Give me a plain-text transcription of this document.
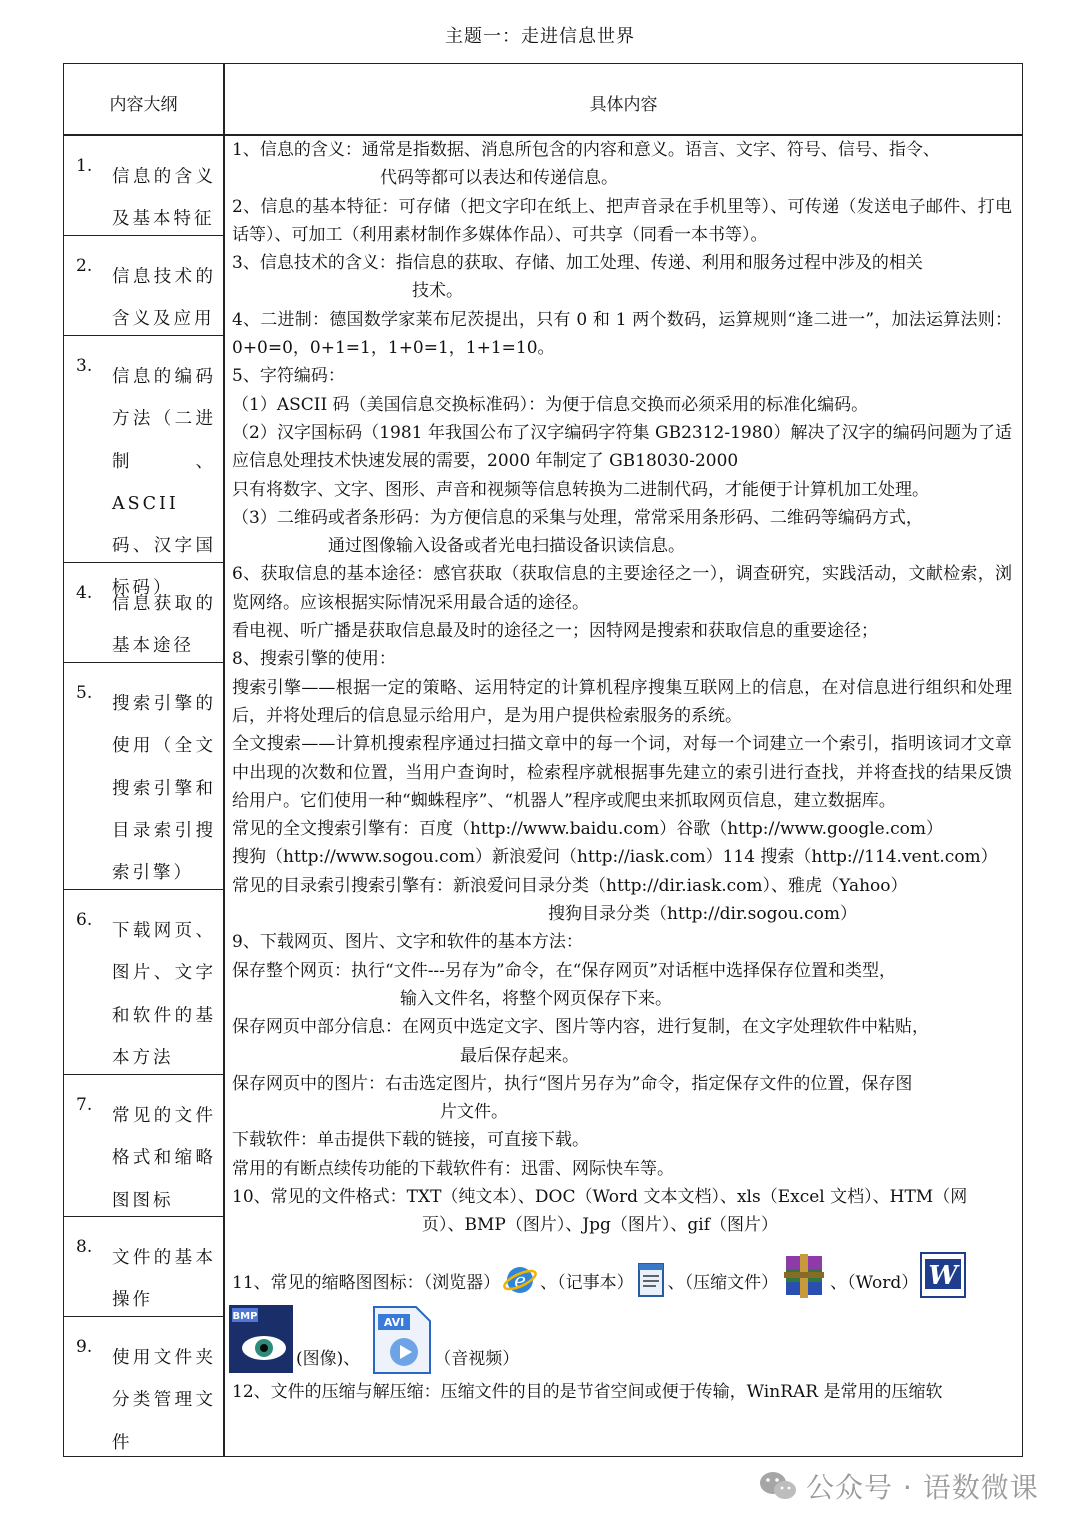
主题一：走进信息世界
内容大纲	具体内容
1.
信息的含义及基本特征
2.
信息技术的含义及应用
3.
信息的编码方法（二进制 、ASCII码、汉字国标码）
4.
信息获取的基本途径
5.
搜索引擎的使用（全文搜索引擎和目录索引搜索引擎）
6.
下载网页、图片、文字和软件的基本方法
7.
常见的文件格式和缩略图图标
8.
文件的基本操作
9.
使用文件夹分类管理文件

1、信息的含义：通常是指数据、消息所包含的内容和意义。语言、文字、符号、信号、指令、

代码等都可以表达和传递信息。

2、信息的基本特征：可存储（把文字印在纸上、把声音录在手机里等）、可传递（发送电子邮件、打电话等）、可加工（利用素材制作多媒体作品）、可共享（同看一本书等）。

3、信息技术的含义：指信息的获取、存储、加工处理、传递、利用和服务过程中涉及的相关

技术。

4、二进制：德国数学家莱布尼茨提出，只有 0 和 1 两个数码，运算规则“逢二进一”，加法运算法则：0+0=0，0+1=1，1+0=1，1+1=10。

5、字符编码：

（1）ASCII 码（美国信息交换标准码）：为便于信息交换而必须采用的标准化编码。

（2）汉字国标码（1981 年我国公布了汉字编码字符集 GB2312-1980）解决了汉字的编码问题为了适应信息处理技术快速发展的需要，2000 年制定了 GB18030-2000

只有将数字、文字、图形、声音和视频等信息转换为二进制代码，才能便于计算机加工处理。

（3）二维码或者条形码：为方便信息的采集与处理，常常采用条形码、二维码等编码方式，

通过图像输入设备或者光电扫描设备识读信息。

6、获取信息的基本途径：感官获取（获取信息的主要途径之一），调查研究，实践活动，文献检索，浏览网络。应该根据实际情况采用最合适的途径。

看电视、听广播是获取信息最及时的途径之一；因特网是搜索和获取信息的重要途径；

8、搜索引擎的使用：

搜索引擎——根据一定的策略、运用特定的计算机程序搜集互联网上的信息，在对信息进行组织和处理后，并将处理后的信息显示给用户，是为用户提供检索服务的系统。

全文搜索——计算机搜索程序通过扫描文章中的每一个词，对每一个词建立一个索引，指明该词才文章中出现的次数和位置，当用户查询时，检索程序就根据事先建立的索引进行查找，并将查找的结果反馈给用户。它们使用一种“蜘蛛程序”、“机器人”程序或爬虫来抓取网页信息，建立数据库。

常见的全文搜索引擎有：百度（http://www.baidu.com）谷歌（http://www.google.com）

搜狗（http://www.sogou.com）新浪爱问（http://iask.com）114 搜索（http://114.vent.com）

常见的目录索引搜索引擎有：新浪爱问目录分类（http://dir.iask.com）、雅虎（Yahoo）

搜狗目录分类（http://dir.sogou.com）

9、下载网页、图片、文字和软件的基本方法：

保存整个网页：执行“文件---另存为”命令，在“保存网页”对话框中选择保存位置和类型，

输入文件名，将整个网页保存下来。

保存网页中部分信息：在网页中选定文字、图片等内容，进行复制，在文字处理软件中粘贴，

最后保存起来。

保存网页中的图片：右击选定图片，执行“图片另存为”命令，指定保存文件的位置，保存图

片文件。

下载软件：单击提供下载的链接，可直接下载。

常用的有断点续传功能的下载软件有：迅雷、网际快车等。

10、常见的文件格式：TXT（纯文本）、DOC（Word 文本文档）、xls（Excel 文档）、HTM（网

页）、BMP（图片）、Jpg（图片）、gif（图片）

11、常见的缩略图图标：（浏览器） e 、（记事本） 、（压缩文件）	、（Word） W
BMP
(图像)、
AVI
（音视频）

12、文件的压缩与解压缩：压缩文件的目的是节省空间或便于传输，WinRAR 是常用的压缩软

公众号 · 语数微课
